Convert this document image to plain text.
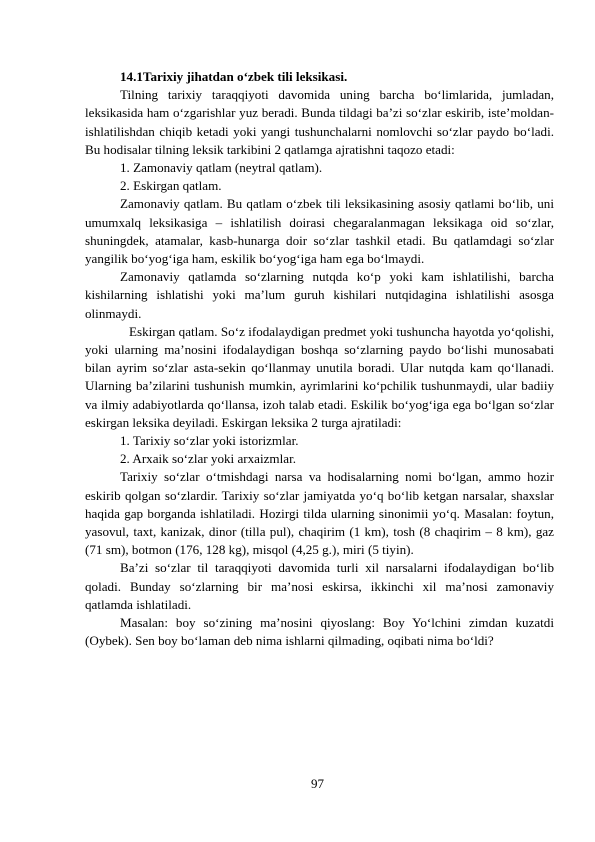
14.1Tarixiy jihatdan o‘zbek tili leksikasi.

Tilning tarixiy taraqqiyoti davomida uning barcha bo‘limlarida, jumladan, leksikasida ham o‘zgarishlar yuz beradi. Bunda tildagi ba’zi so‘zlar eskirib, iste’moldan-ishlatilishdan chiqib ketadi yoki yangi tushunchalarni nomlovchi so‘zlar paydo bo‘ladi. Bu hodisalar tilning leksik tarkibini 2 qatlamga ajratishni taqozo etadi:

1. Zamonaviy qatlam (neytral qatlam).

2. Eskirgan qatlam.

Zamonaviy qatlam. Bu qatlam o‘zbek tili leksikasining asosiy qatlami bo‘lib, uni umumxalq leksikasiga – ishlatilish doirasi chegaralanmagan leksikaga oid so‘zlar, shuningdek, atamalar, kasb-hunarga doir so‘zlar tashkil etadi. Bu qatlamdagi so‘zlar yangilik bo‘yog‘iga ham, eskilik bo‘yog‘iga ham ega bo‘lmaydi.

Zamonaviy qatlamda so‘zlarning nutqda ko‘p yoki kam ishlatilishi, barcha kishilarning ishlatishi yoki ma’lum guruh kishilari nutqidagina ishlatilishi asosga olinmaydi.

Eskirgan qatlam. So‘z ifodalaydigan predmet yoki tushuncha hayotda yo‘qolishi, yoki ularning ma’nosini ifodalaydigan boshqa so‘zlarning paydo bo‘lishi munosabati bilan ayrim so‘zlar asta-sekin qo‘llanmay unutila boradi. Ular nutqda kam qo‘llanadi. Ularning ba’zilarini tushunish mumkin, ayrimlarini ko‘pchilik tushunmaydi, ular badiiy va ilmiy adabiyotlarda qo‘llansa, izoh talab etadi. Eskilik bo‘yog‘iga ega bo‘lgan so‘zlar eskirgan leksika deyiladi. Eskirgan leksika 2 turga ajratiladi:

1. Tarixiy so‘zlar yoki istorizmlar.

2. Arxaik so‘zlar yoki arxaizmlar.

Tarixiy so‘zlar o‘tmishdagi narsa va hodisalarning nomi bo‘lgan, ammo hozir eskirib qolgan so‘zlardir. Tarixiy so‘zlar jamiyatda yo‘q bo‘lib ketgan narsalar, shaxslar haqida gap borganda ishlatiladi. Hozirgi tilda ularning sinonimii yo‘q. Masalan: foytun, yasovul, taxt, kanizak, dinor (tilla pul), chaqirim (1 km), tosh (8 chaqirim – 8 km), gaz (71 sm), botmon (176, 128 kg), misqol (4,25 g.), miri (5 tiyin).

Ba’zi so‘zlar til taraqqiyoti davomida turli xil narsalarni ifodalaydigan bo‘lib qoladi. Bunday so‘zlarning bir ma’nosi eskirsa, ikkinchi xil ma’nosi zamonaviy qatlamda ishlatiladi.

Masalan: boy so‘zining ma’nosini qiyoslang: Boy Yo‘lchini zimdan kuzatdi (Oybek). Sen boy bo‘laman deb nima ishlarni qilmading, oqibati nima bo‘ldi?

97
